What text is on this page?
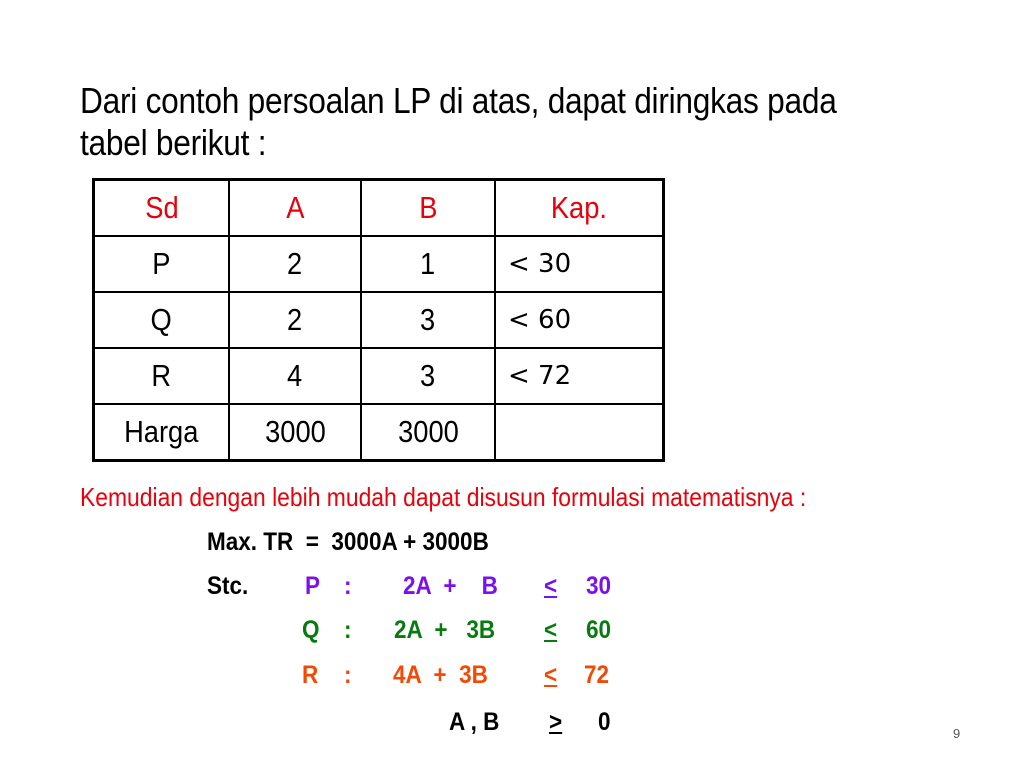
Dari contoh persoalan LP di atas, dapat diringkas pada tabel berikut :
Sd	A	B	Kap.
P	2	1	< 30
Q	2	3	< 60
R	4	3	< 72
Harga	3000	3000	
Kemudian dengan lebih mudah dapat disusun formulasi matematisnya :
Max. TR  =  3000A + 3000B
Stc. P : 2A  +    B ≤ 30
Q : 2A  +   3B ≤ 60
R : 4A  +  3B ≤ 72
A , B > 0	9
